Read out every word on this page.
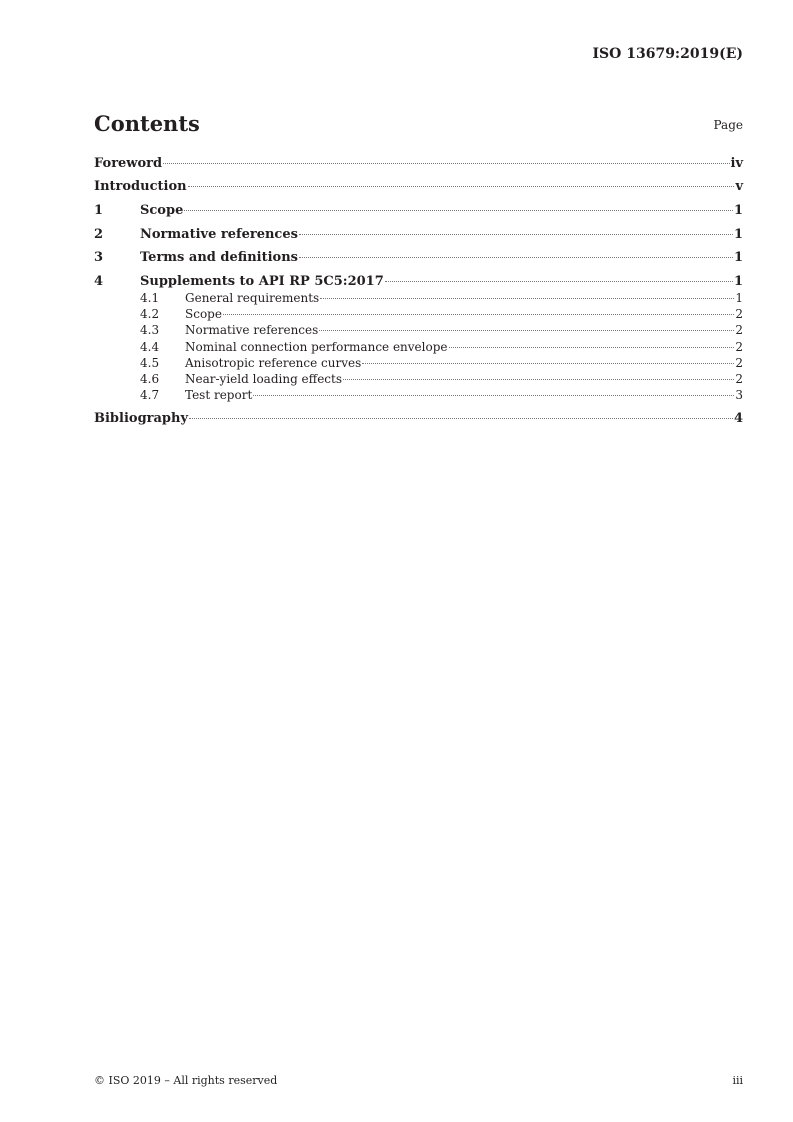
ISO 13679:2019(E)
Contents	Page
Foreword	iv
Introduction	v
1	Scope	1
2	Normative references	1
3	Terms and definitions	1
4	Supplements to API RP 5C5:2017	1
4.1	General requirements	1
4.2	Scope	2
4.3	Normative references	2
4.4	Nominal connection performance envelope	2
4.5	Anisotropic reference curves	2
4.6	Near-yield loading effects	2
4.7	Test report	3
Bibliography	4
© ISO 2019 – All rights reserved	iii
